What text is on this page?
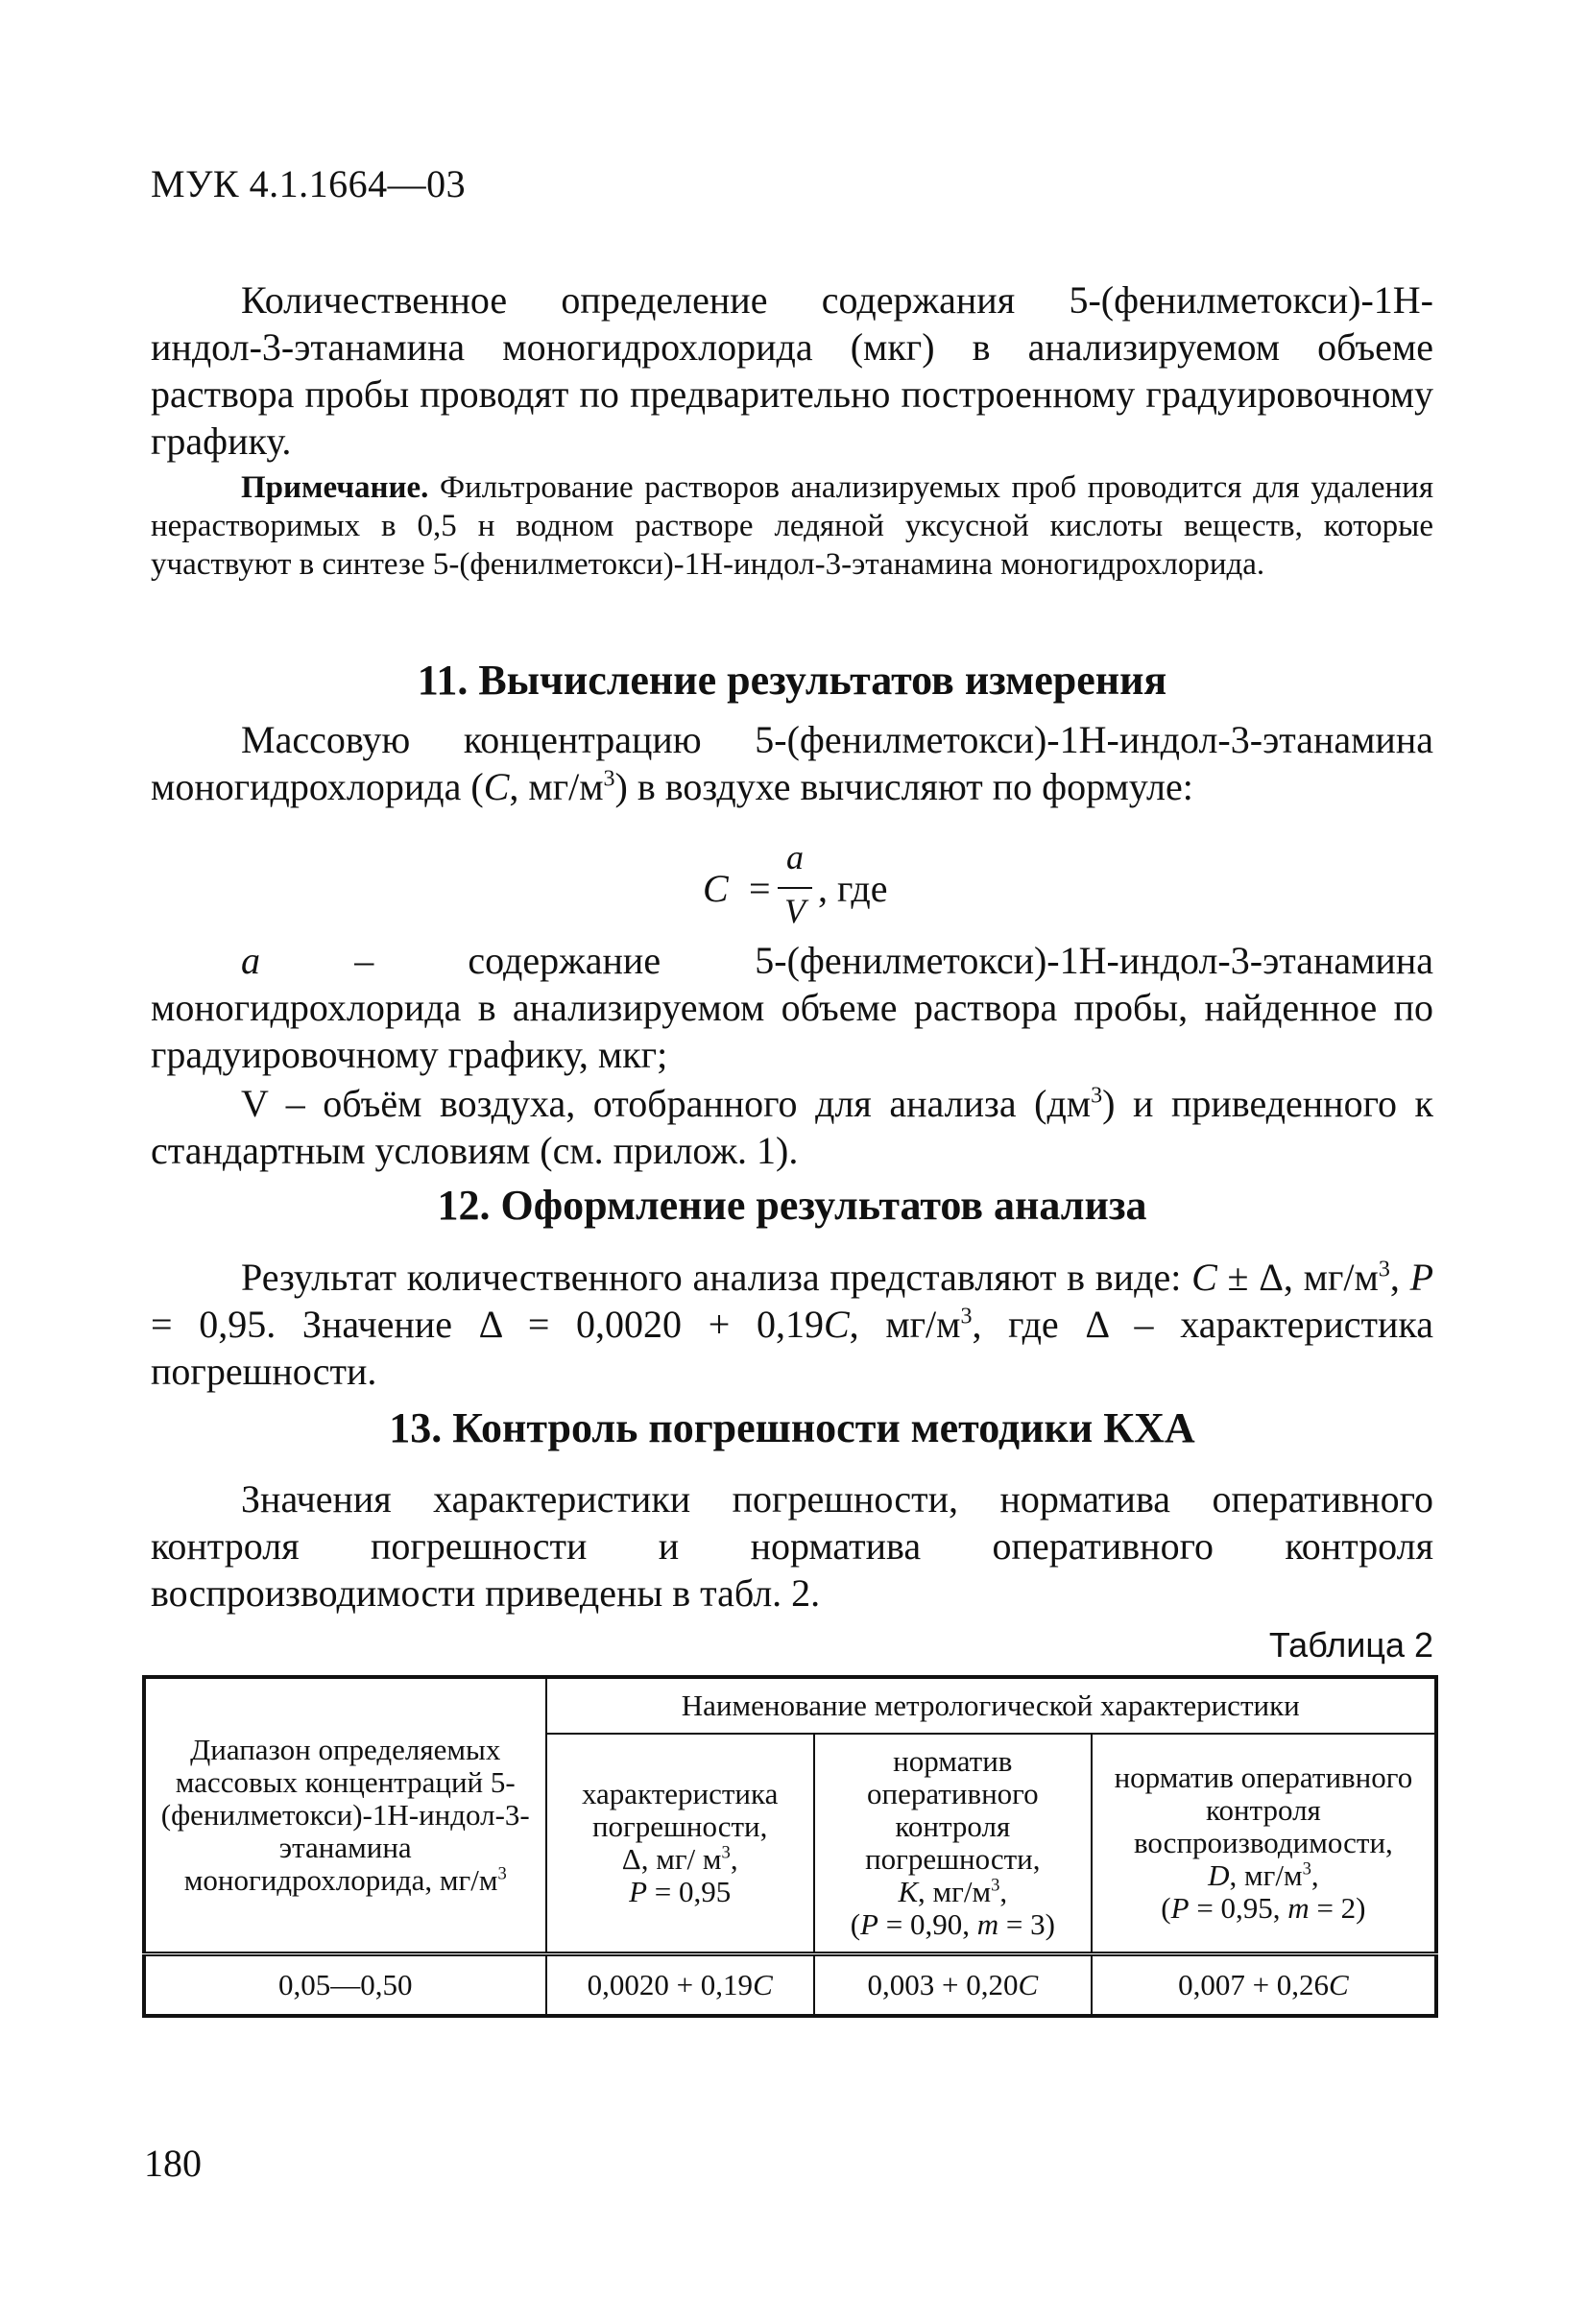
МУК 4.1.1664—03
Количественное определение содержания 5-(фенилметокси)-1Н-индол-3-этанамина моногидрохлорида (мкг) в анализируемом объеме раствора пробы проводят по предварительно построенному градуировочному графику.
Примечание. Фильтрование растворов анализируемых проб проводится для удаления нерастворимых в 0,5 н водном растворе ледяной уксусной кислоты веществ, которые участвуют в синтезе 5-(фенилметокси)-1Н-индол-3-этанамина моногидрохлорида.
11. Вычисление результатов измерения
Массовую концентрацию 5-(фенилметокси)-1Н-индол-3-этанамина моногидрохлорида (С, $мг/м^3$) в воздухе вычисляют по формуле:
С =
а
V
, где
а – содержание 5-(фенилметокси)-1Н-индол-3-этанамина моногидрохлорида в анализируемом объеме раствора пробы, найденное по градуировочному графику, мкг;
V – объём воздуха, отобранного для анализа $(дм^3)$ и приведенного к стандартным условиям (см. прилож. 1).
12. Оформление результатов анализа
Результат количественного анализа представляют в виде: С ± Δ, $мг/м^3$, Р = 0,95. Значение Δ = 0,0020 + 0,19С, $мг/м^3$, где Δ – характеристика погрешности.
13. Контроль погрешности методики КХА
Значения характеристики погрешности, норматива оперативного контроля погрешности и норматива оперативного контроля воспроизводимости приведены в табл. 2.
Таблица 2
Диапазон определяемых массовых концентраций 5-(фенилметокси)-1Н-индол-3-этанамина моногидрохлорида, $мг/м^3$	Наименование метрологической характеристики		
	характеристика погрешности,
Δ, мг/ $м^3$,
Р = 0,95	норматив оперативного контроля погрешности,
К, $мг/м^3$,
(Р = 0,90, m = 3)	норматив оперативного контроля воспроизводимости,
D, $мг/м^3$,
(Р = 0,95, m = 2)
0,05—0,50	0,0020 + 0,19С	0,003 + 0,20С	0,007 + 0,26С
180
